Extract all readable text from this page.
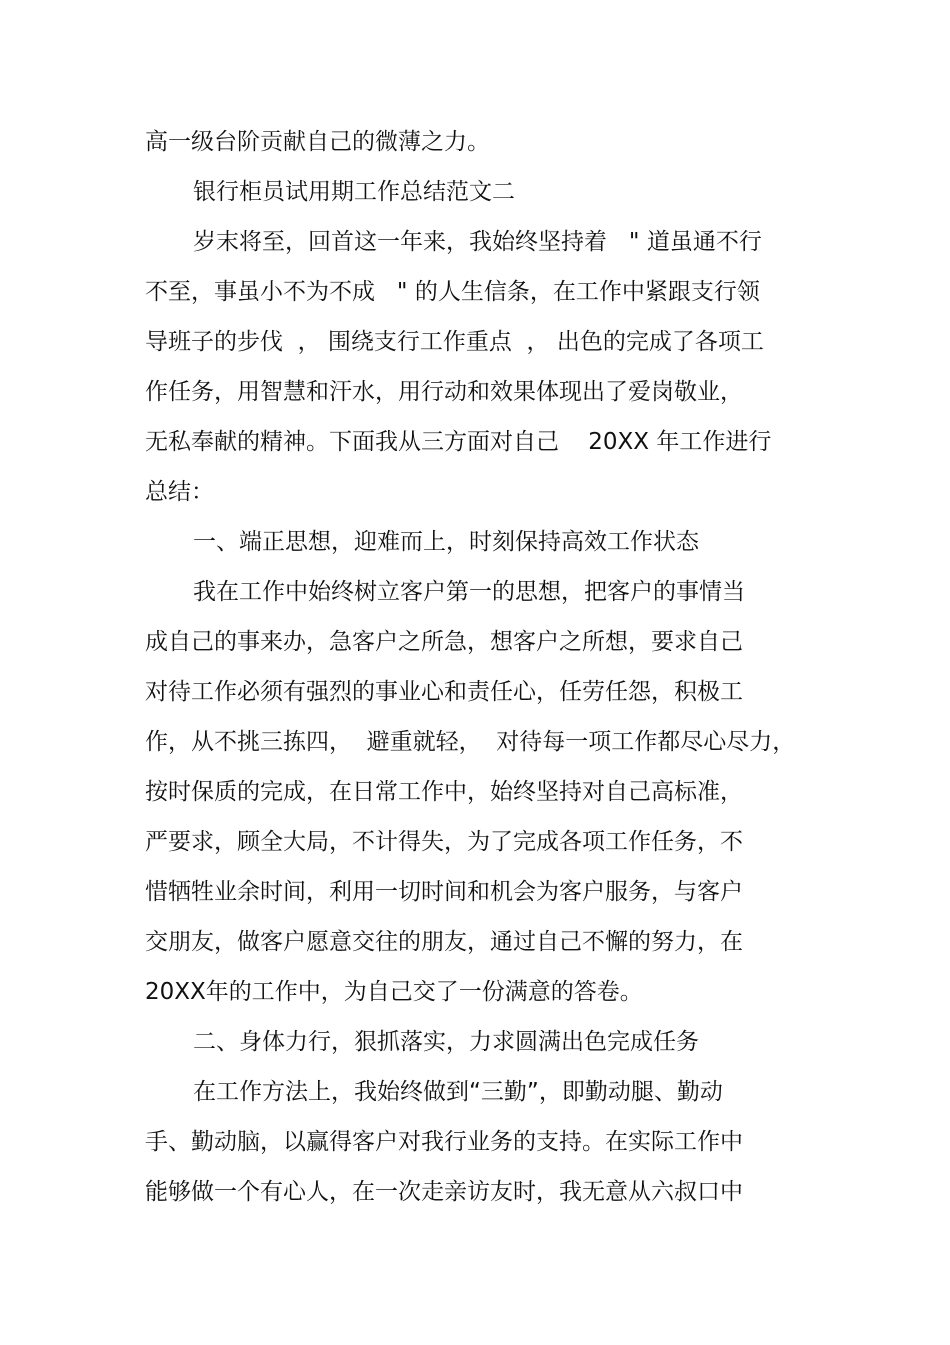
高一级台阶贡献自己的微薄之力。

银行柜员试用期工作总结范文二

岁末将至，回首这一年来，我始终坚持着   " 道虽通不行

不至，事虽小不为不成   " 的人生信条，在工作中紧跟支行领

导班子的步伐  ， 围绕支行工作重点  ， 出色的完成了各项工

作任务，用智慧和汗水，用行动和效果体现出了爱岗敬业，

无私奉献的精神。下面我从三方面对自己    20XX 年工作进行

总结：

一、端正思想，迎难而上，时刻保持高效工作状态

我在工作中始终树立客户第一的思想，把客户的事情当

成自己的事来办，急客户之所急，想客户之所想，要求自己

对待工作必须有强烈的事业心和责任心，任劳任怨，积极工

作，从不挑三拣四，  避重就轻，  对待每一项工作都尽心尽力，

按时保质的完成，在日常工作中，始终坚持对自己高标准，

严要求，顾全大局，不计得失，为了完成各项工作任务，不

惜牺牲业余时间，利用一切时间和机会为客户服务，与客户

交朋友，做客户愿意交往的朋友，通过自己不懈的努力，在

20XX年的工作中，为自己交了一份满意的答卷。

二、身体力行，狠抓落实，力求圆满出色完成任务

在工作方法上，我始终做到“三勤”，即勤动腿、勤动

手、勤动脑，以赢得客户对我行业务的支持。在实际工作中

能够做一个有心人，在一次走亲访友时，我无意从六叔口中
